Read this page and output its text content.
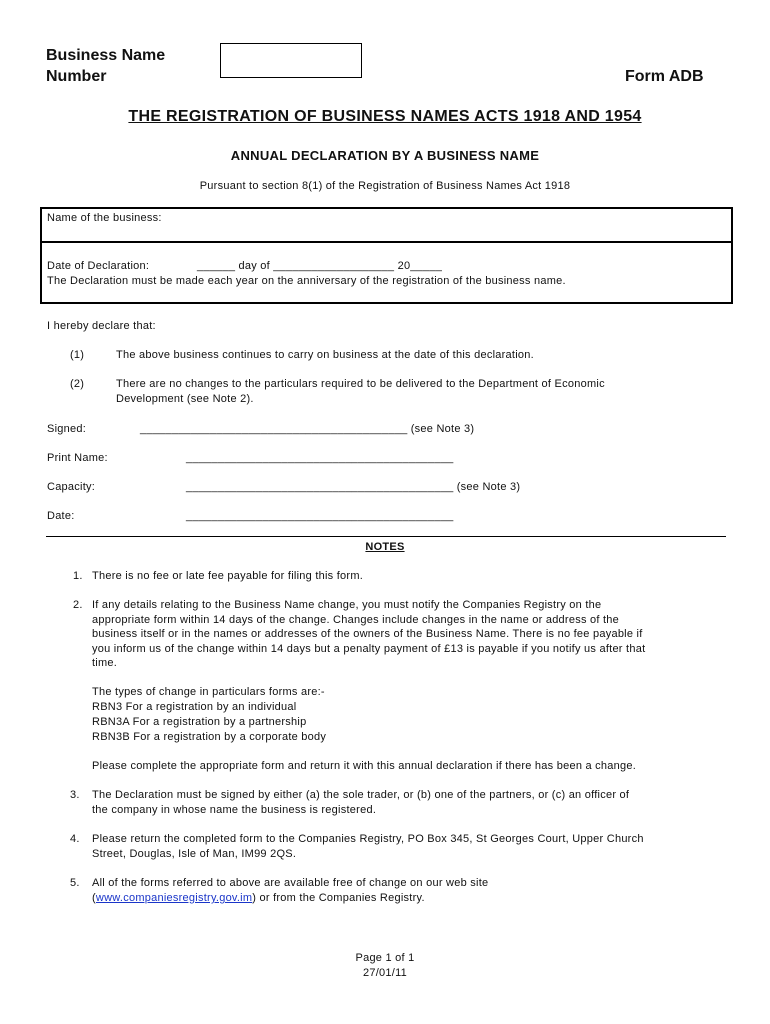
Business Name
Number	Form ADB
THE REGISTRATION OF BUSINESS NAMES ACTS 1918 AND 1954
ANNUAL DECLARATION BY A BUSINESS NAME
Pursuant to section 8(1) of the Registration of Business Names Act 1918
Name of the business:
Date of Declaration:	______ day of ___________________ 20_____
The Declaration must be made each year on the anniversary of the registration of the business name.
I hereby declare that:
(1)	The above business continues to carry on business at the date of this declaration.
(2)	There are no changes to the particulars required to be delivered to the Department of Economic
Development (see Note 2).
Signed:	__________________________________________ (see Note 3)
Print Name:	__________________________________________
Capacity:	__________________________________________ (see Note 3)
Date:	__________________________________________
NOTES
1. There is no fee or late fee payable for filing this form.
2. If any details relating to the Business Name change, you must notify the Companies Registry on the
appropriate form within 14 days of the change. Changes include changes in the name or address of the
business itself or in the names or addresses of the owners of the Business Name. There is no fee payable if
you inform us of the change within 14 days but a penalty payment of £13 is payable if you notify us after that
time.
The types of change in particulars forms are:-
RBN3 For a registration by an individual
RBN3A For a registration by a partnership
RBN3B For a registration by a corporate body
Please complete the appropriate form and return it with this annual declaration if there has been a change.
3. The Declaration must be signed by either (a) the sole trader, or (b) one of the partners, or (c) an officer of
the company in whose name the business is registered.
4. Please return the completed form to the Companies Registry, PO Box 345, St Georges Court, Upper Church
Street, Douglas, Isle of Man, IM99 2QS.
5. All of the forms referred to above are available free of change on our web site
(www.companiesregistry.gov.im) or from the Companies Registry.
Page 1 of 1
27/01/11
